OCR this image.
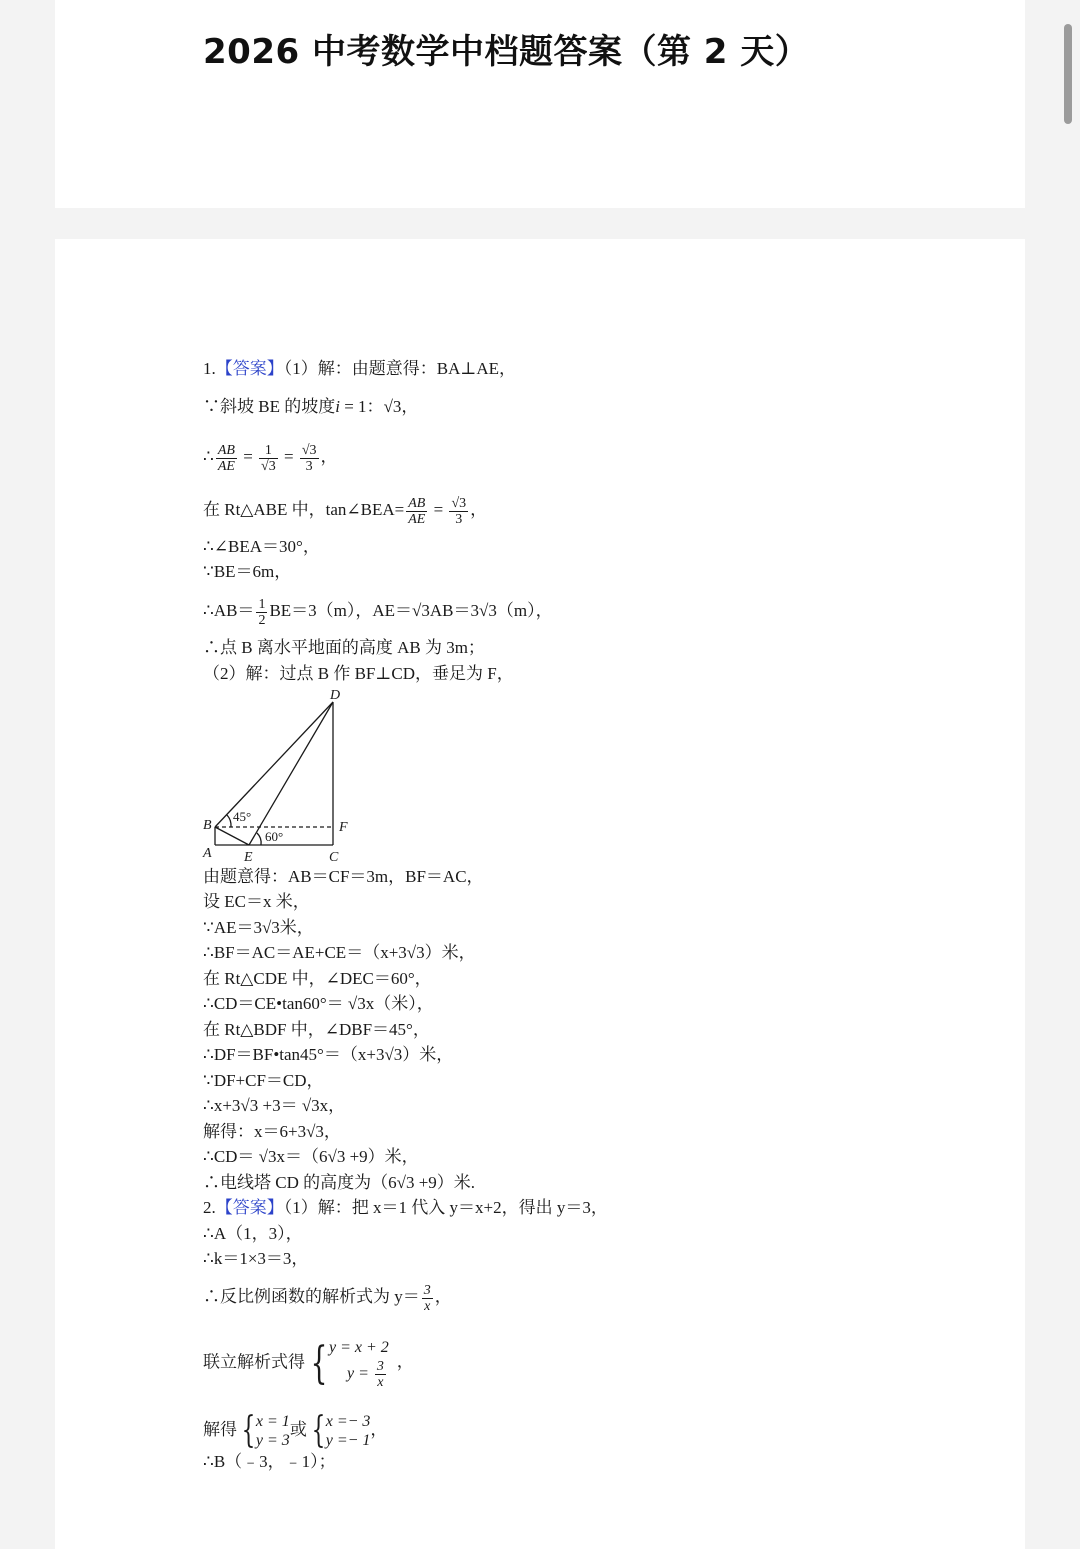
2026 中考数学中档题答案（第 2 天）
1.【答案】（1）解：由题意得：BA⊥AE，
∵斜坡 BE 的坡度i = 1：√3，
∴ $\frac{AB}{AE} = \frac{1}{√3} = \frac{√3}{3}$ ，
在 Rt△ABE 中，tan∠BEA= $\frac{AB}{AE} = \frac{√3}{3}$ ，
∴∠BEA＝30°，
∵BE＝6m，
∴AB＝ $\frac{1}{2} BE=3(m)$，AE＝√3AB＝3√3（m），
∴点 B 离水平地面的高度 AB 为 3m；
（2）解：过点 B 作 BF⊥CD，垂足为 F，
D
B	F
A E	C
45°
60°
由题意得：AB＝CF＝3m，BF＝AC，
设 EC＝x 米，
∵AE＝3√3米，
∴BF＝AC＝AE+CE＝（x+3√3）米，
在 Rt△CDE 中，∠DEC＝60°，
∴CD＝CE•tan60°＝ √3x（米），
在 Rt△BDF 中，∠DBF＝45°，
∴DF＝BF•tan45°＝（x+3√3）米，
∵DF+CF＝CD，
∴x+3√3 +3＝ √3x，
解得：x＝6+3√3，
∴CD＝ √3x＝（6√3 +9）米，
∴电线塔 CD 的高度为（6√3 +9）米.
2.【答案】（1）解：把 x＝1 代入 y＝x+2，得出 y＝3，
∴A（1，3），
∴k＝1×3＝3，
∴反比例函数的解析式为 $y= \frac{3}{x}$ ，
联立解析式得 { y = x + 2
$y = \frac{3}{x}$ ，
解得 { x = 1
y = 3
或 { x =− 3
y =− 1
，
∴B（﹣3，﹣1）；
